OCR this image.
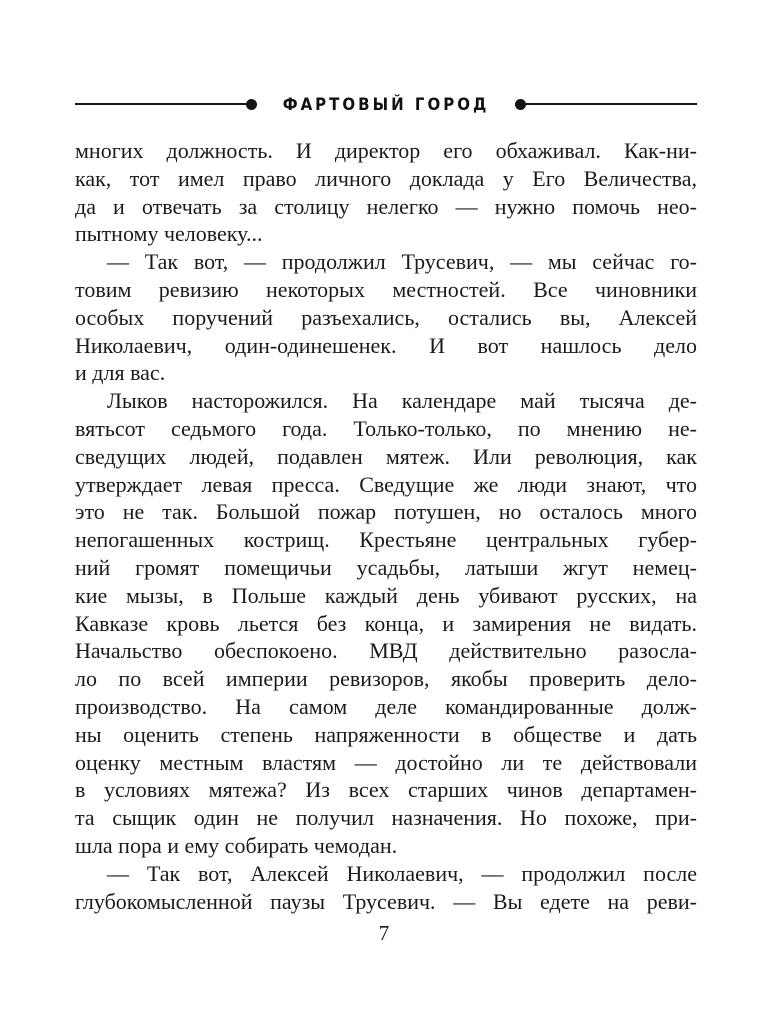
ФАРТОВЫЙ ГОРОД
многих должность. И директор его обхаживал. Как-ни-
как, тот имел право личного доклада у Его Величества,
да и отвечать за столицу нелегко — нужно помочь нео-
пытному человеку...
— Так вот, — продолжил Трусевич, — мы сейчас го-
товим ревизию некоторых местностей. Все чиновники
особых поручений разъехались, остались вы, Алексей
Николаевич, один-одинешенек. И вот нашлось дело
и для вас.
Лыков насторожился. На календаре май тысяча де-
вятьсот седьмого года. Только-только, по мнению не-
сведущих людей, подавлен мятеж. Или революция, как
утверждает левая пресса. Сведущие же люди знают, что
это не так. Большой пожар потушен, но осталось много
непогашенных кострищ. Крестьяне центральных губер-
ний громят помещичьи усадьбы, латыши жгут немец-
кие мызы, в Польше каждый день убивают русских, на
Кавказе кровь льется без конца, и замирения не видать.
Начальство обеспокоено. МВД действительно разосла-
ло по всей империи ревизоров, якобы проверить дело-
производство. На самом деле командированные долж-
ны оценить степень напряженности в обществе и дать
оценку местным властям — достойно ли те действовали
в условиях мятежа? Из всех старших чинов департамен-
та сыщик один не получил назначения. Но похоже, при-
шла пора и ему собирать чемодан.
— Так вот, Алексей Николаевич, — продолжил после
глубокомысленной паузы Трусевич. — Вы едете на реви-
7
